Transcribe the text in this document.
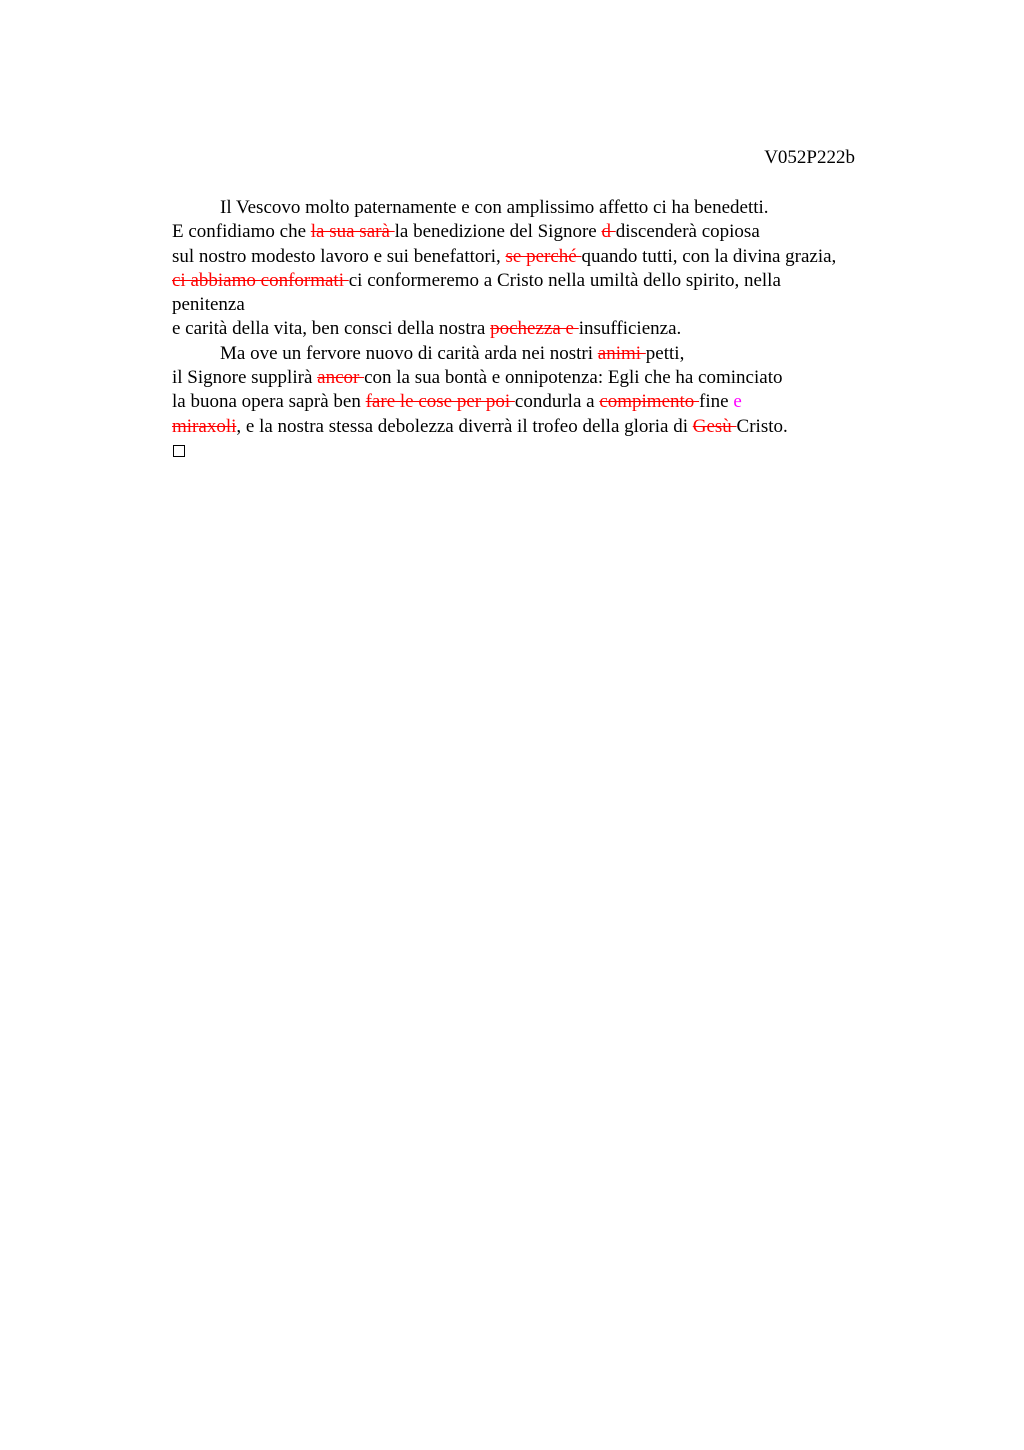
V052P222b
Il Vescovo molto paternamente e con amplissimo affetto ci ha benedetti.
E confidiamo che la sua sarà la benedizione del Signore d discenderà copiosa
sul nostro modesto lavoro e sui benefattori, se perché quando tutti, con la divina grazia,
ci abbiamo conformati ci conformeremo a Cristo nella umiltà dello spirito, nella
penitenza
e carità della vita, ben consci della nostra pochezza e insufficienza.
Ma ove un fervore nuovo di carità arda nei nostri animi petti,
il Signore supplirà ancor con la sua bontà e onnipotenza: Egli che ha cominciato
la buona opera saprà ben fare le cose per poi condurla a compimento fine e
miraxoli, e la nostra stessa debolezza diverrà il trofeo della gloria di Gesù Cristo.
